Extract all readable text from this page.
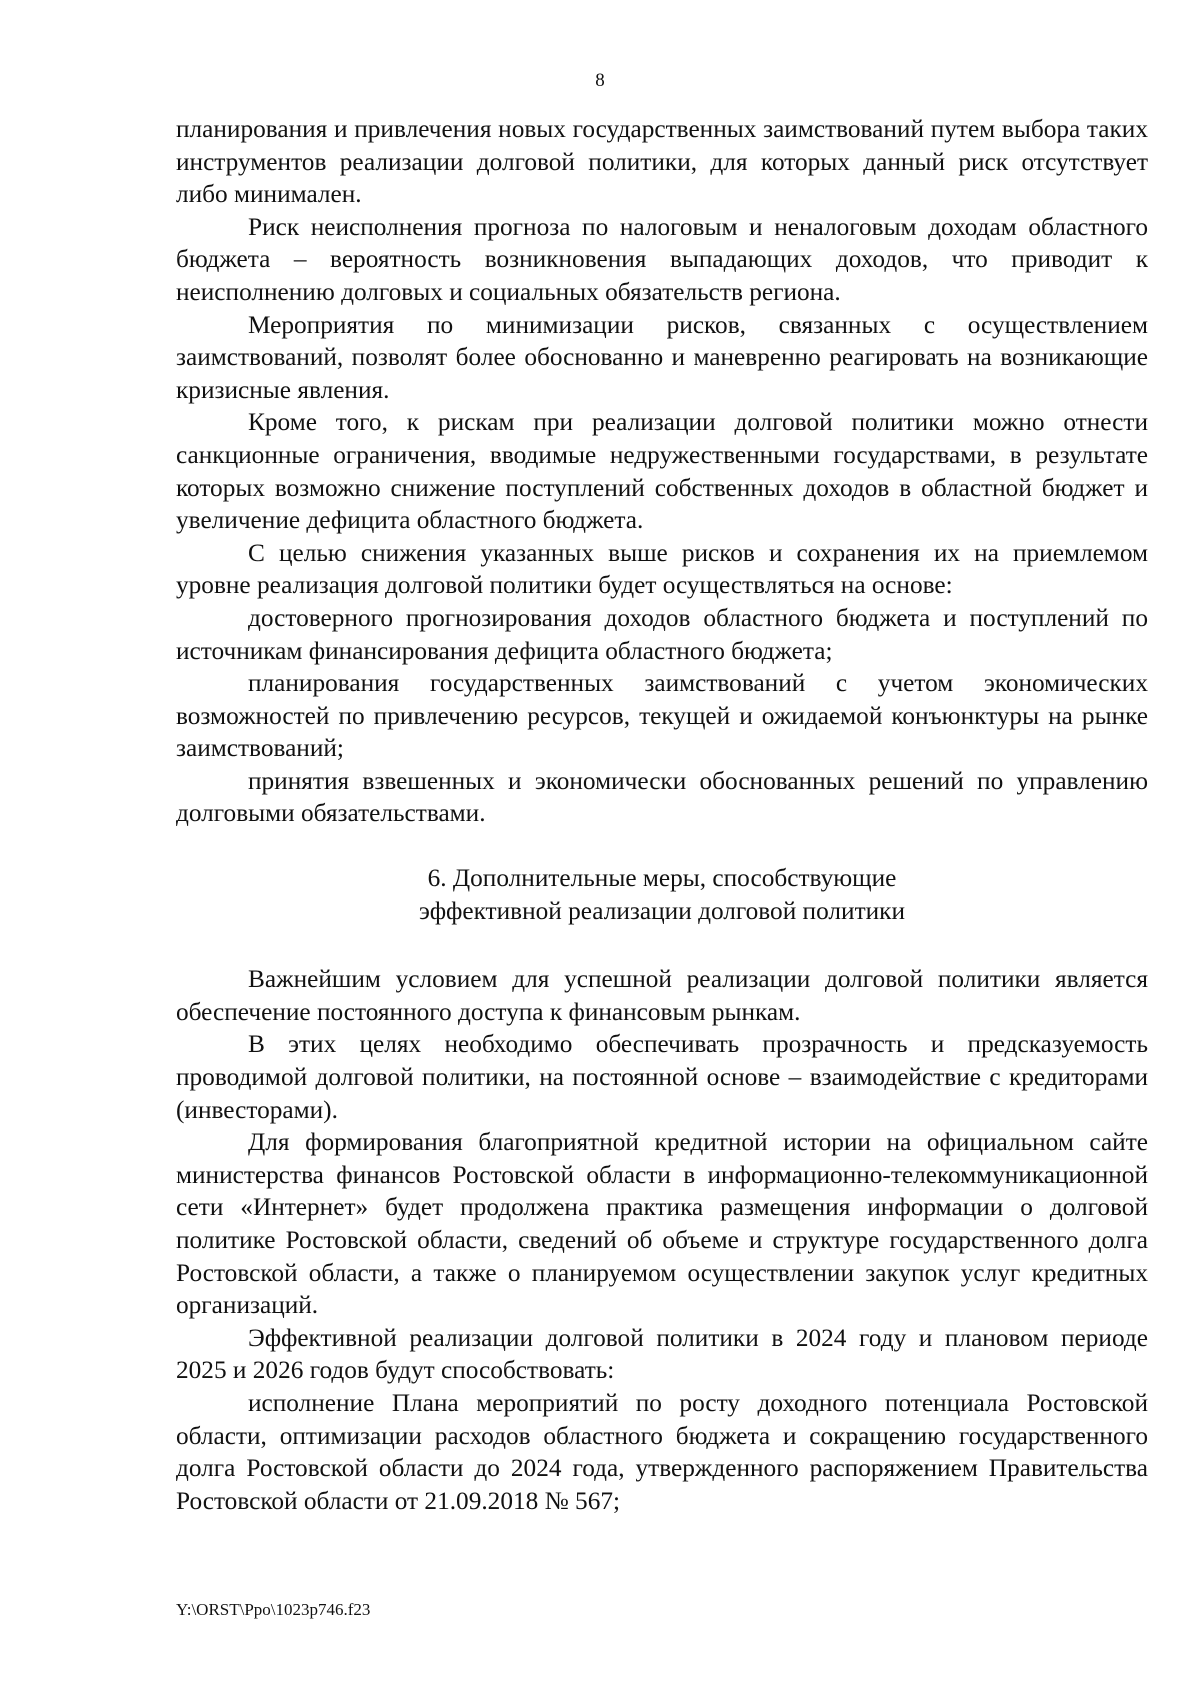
8

планирования и привлечения новых государственных заимствований путем выбора таких инструментов реализации долговой политики, для которых данный риск отсутствует либо минимален.

Риск неисполнения прогноза по налоговым и неналоговым доходам областного бюджета – вероятность возникновения выпадающих доходов, что приводит к неисполнению долговых и социальных обязательств региона.

Мероприятия по минимизации рисков, связанных с осуществлением заимствований, позволят более обоснованно и маневренно реагировать на возникающие кризисные явления.

Кроме того, к рискам при реализации долговой политики можно отнести санкционные ограничения, вводимые недружественными государствами, в результате которых возможно снижение поступлений собственных доходов в областной бюджет и увеличение дефицита областного бюджета.

С целью снижения указанных выше рисков и сохранения их на приемлемом уровне реализация долговой политики будет осуществляться на основе:

достоверного прогнозирования доходов областного бюджета и поступлений по источникам финансирования дефицита областного бюджета;

планирования государственных заимствований с учетом экономических возможностей по привлечению ресурсов, текущей и ожидаемой конъюнктуры на рынке заимствований;

принятия взвешенных и экономически обоснованных решений по управлению долговыми обязательствами.

6. Дополнительные меры, способствующие
эффективной реализации долговой политики

Важнейшим условием для успешной реализации долговой политики является обеспечение постоянного доступа к финансовым рынкам.

В этих целях необходимо обеспечивать прозрачность и предсказуемость проводимой долговой политики, на постоянной основе – взаимодействие с кредиторами (инвесторами).

Для формирования благоприятной кредитной истории на официальном сайте министерства финансов Ростовской области в информационно-телекоммуникационной сети «Интернет» будет продолжена практика размещения информации о долговой политике Ростовской области, сведений об объеме и структуре государственного долга Ростовской области, а также о планируемом осуществлении закупок услуг кредитных организаций.

Эффективной реализации долговой политики в 2024 году и плановом периоде 2025 и 2026 годов будут способствовать:

исполнение Плана мероприятий по росту доходного потенциала Ростовской области, оптимизации расходов областного бюджета и сокращению государственного долга Ростовской области до 2024 года, утвержденного распоряжением Правительства Ростовской области от 21.09.2018 № 567;

Y:\ORST\Ppo\1023p746.f23
